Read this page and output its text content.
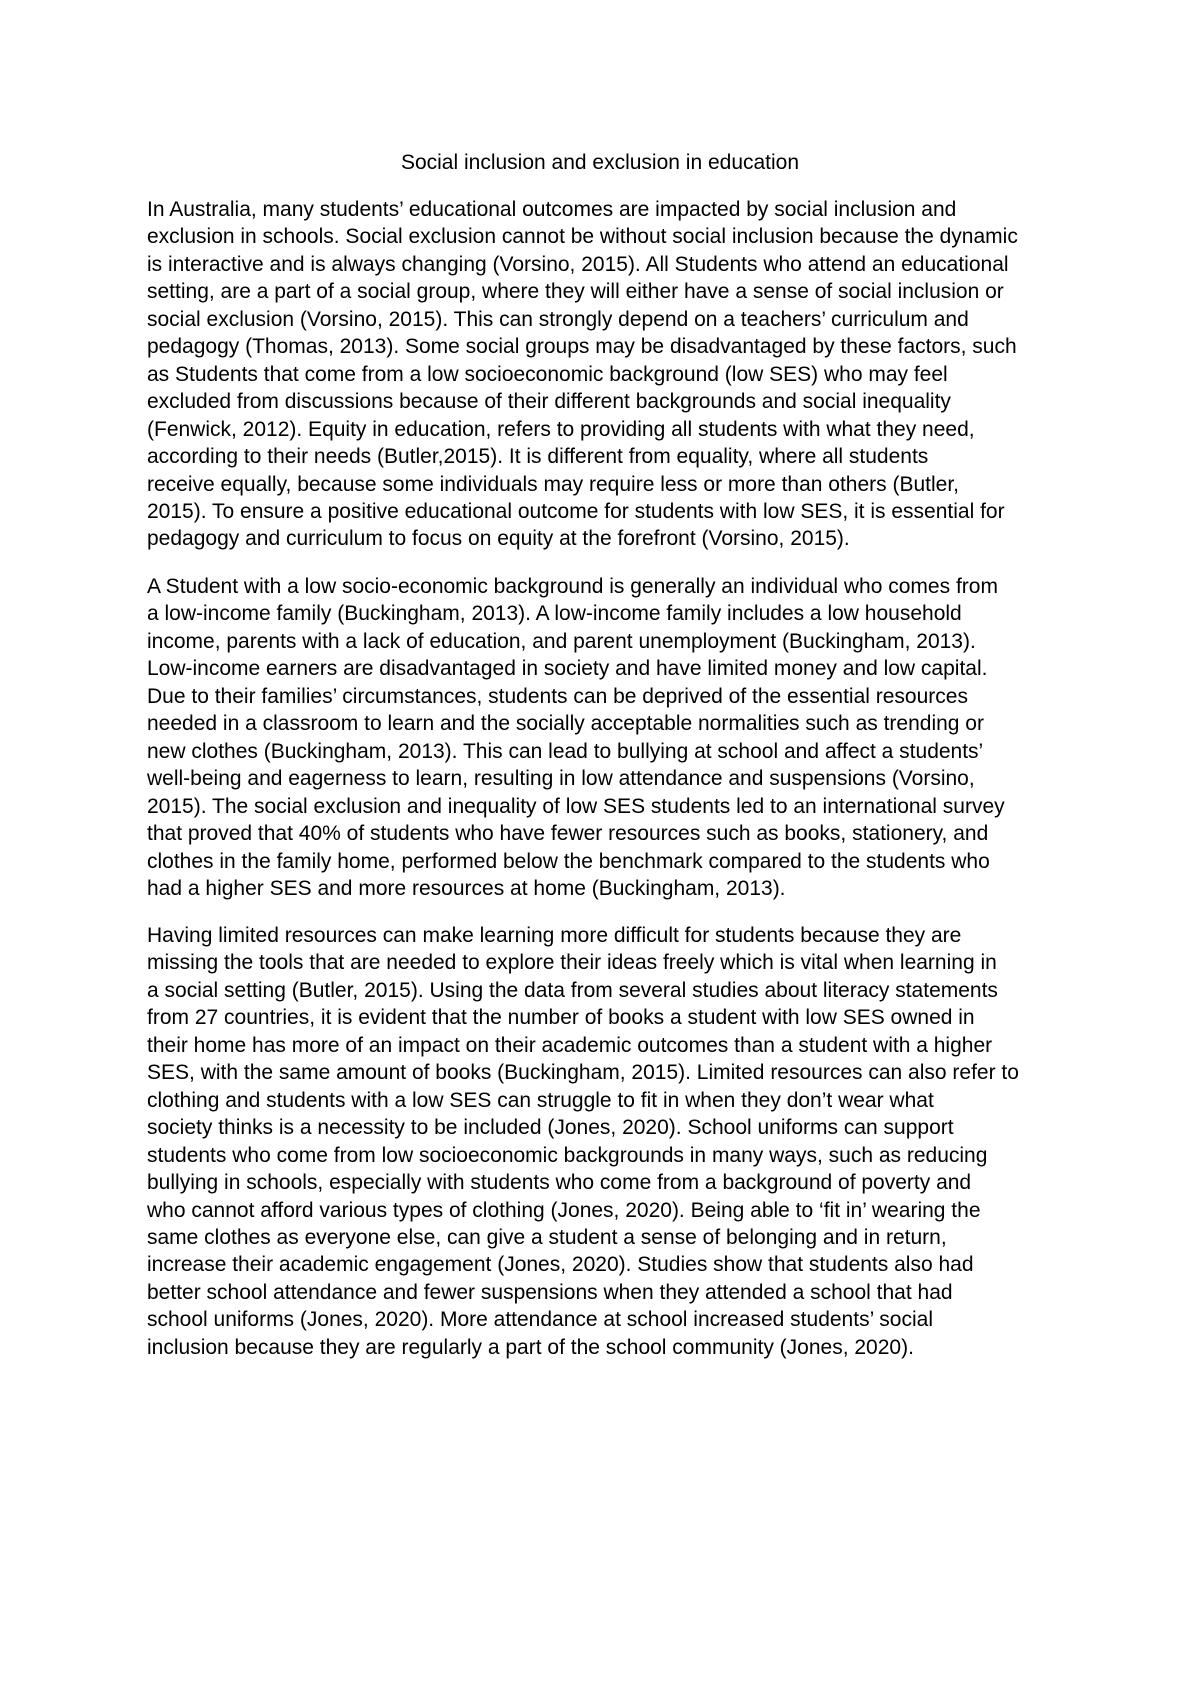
Social inclusion and exclusion in education
In Australia, many students’ educational outcomes are impacted by social inclusion and
exclusion in schools. Social exclusion cannot be without social inclusion because the dynamic
is interactive and is always changing (Vorsino, 2015). All Students who attend an educational
setting, are a part of a social group, where they will either have a sense of social inclusion or
social exclusion (Vorsino, 2015). This can strongly depend on a teachers’ curriculum and
pedagogy (Thomas, 2013). Some social groups may be disadvantaged by these factors, such
as Students that come from a low socioeconomic background (low SES) who may feel
excluded from discussions because of their different backgrounds and social inequality
(Fenwick, 2012). Equity in education, refers to providing all students with what they need,
according to their needs (Butler,2015). It is different from equality, where all students
receive equally, because some individuals may require less or more than others (Butler,
2015). To ensure a positive educational outcome for students with low SES, it is essential for
pedagogy and curriculum to focus on equity at the forefront (Vorsino, 2015).
A Student with a low socio-economic background is generally an individual who comes from
a low-income family (Buckingham, 2013). A low-income family includes a low household
income, parents with a lack of education, and parent unemployment (Buckingham, 2013).
Low-income earners are disadvantaged in society and have limited money and low capital.
Due to their families’ circumstances, students can be deprived of the essential resources
needed in a classroom to learn and the socially acceptable normalities such as trending or
new clothes (Buckingham, 2013). This can lead to bullying at school and affect a students’
well-being and eagerness to learn, resulting in low attendance and suspensions (Vorsino,
2015). The social exclusion and inequality of low SES students led to an international survey
that proved that 40% of students who have fewer resources such as books, stationery, and
clothes in the family home, performed below the benchmark compared to the students who
had a higher SES and more resources at home (Buckingham, 2013).
Having limited resources can make learning more difficult for students because they are
missing the tools that are needed to explore their ideas freely which is vital when learning in
a social setting (Butler, 2015). Using the data from several studies about literacy statements
from 27 countries, it is evident that the number of books a student with low SES owned in
their home has more of an impact on their academic outcomes than a student with a higher
SES, with the same amount of books (Buckingham, 2015). Limited resources can also refer to
clothing and students with a low SES can struggle to fit in when they don’t wear what
society thinks is a necessity to be included (Jones, 2020). School uniforms can support
students who come from low socioeconomic backgrounds in many ways, such as reducing
bullying in schools, especially with students who come from a background of poverty and
who cannot afford various types of clothing (Jones, 2020). Being able to ‘fit in’ wearing the
same clothes as everyone else, can give a student a sense of belonging and in return,
increase their academic engagement (Jones, 2020). Studies show that students also had
better school attendance and fewer suspensions when they attended a school that had
school uniforms (Jones, 2020). More attendance at school increased students’ social
inclusion because they are regularly a part of the school community (Jones, 2020).
